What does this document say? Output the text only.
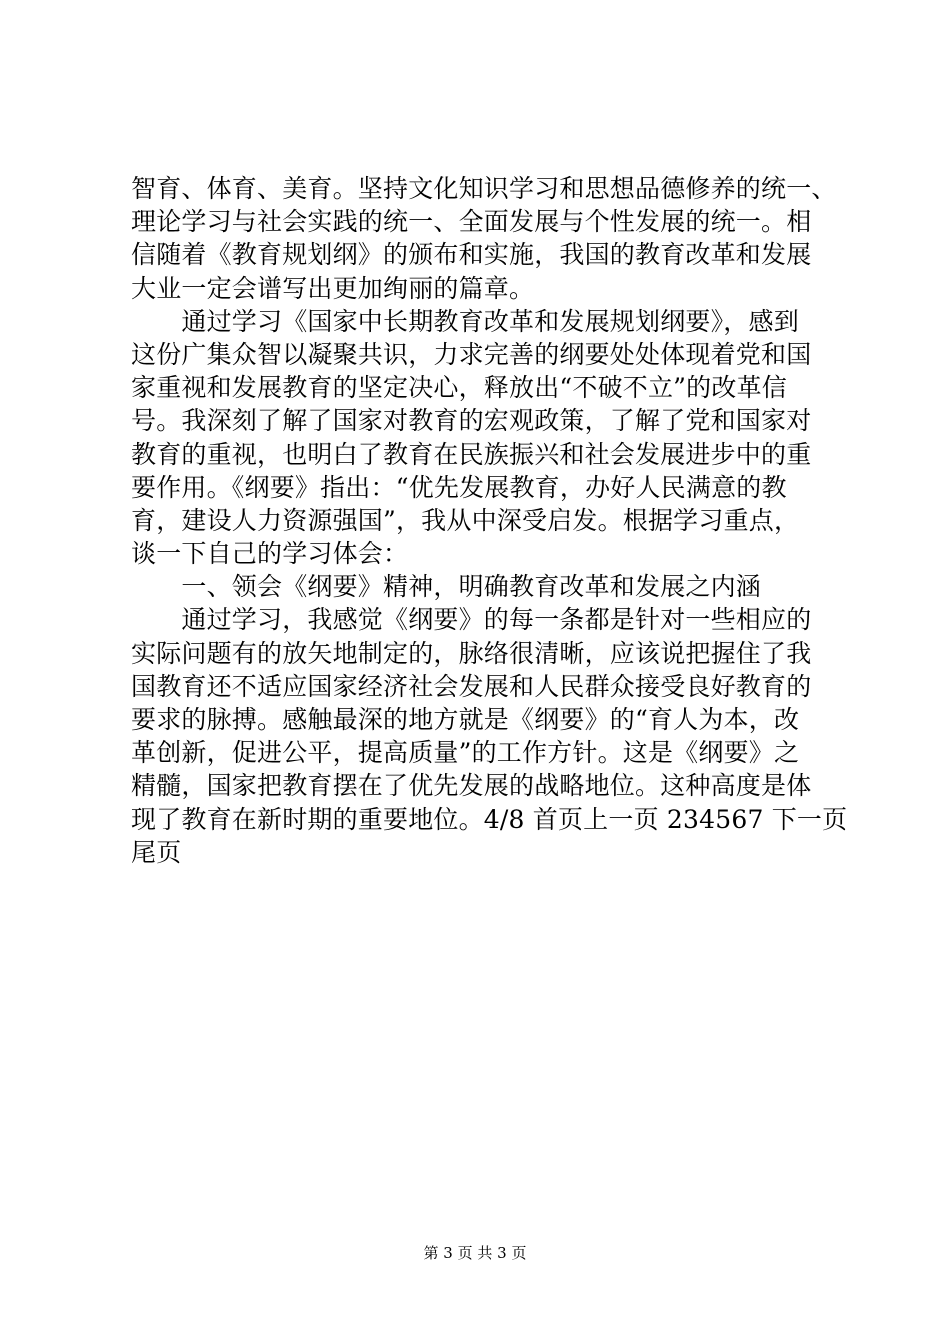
智育、体育、美育。坚持文化知识学习和思想品德修养的统一、
理论学习与社会实践的统一、全面发展与个性发展的统一。相
信随着《教育规划纲》的颁布和实施，我国的教育改革和发展
大业一定会谱写出更加绚丽的篇章。
　　通过学习《国家中长期教育改革和发展规划纲要》，感到
这份广集众智以凝聚共识，力求完善的纲要处处体现着党和国
家重视和发展教育的坚定决心，释放出“不破不立”的改革信
号。我深刻了解了国家对教育的宏观政策，了解了党和国家对
教育的重视，也明白了教育在民族振兴和社会发展进步中的重
要作用。《纲要》指出：“优先发展教育，办好人民满意的教
育，建设人力资源强国”，我从中深受启发。根据学习重点，
谈一下自己的学习体会：
　　一、领会《纲要》精神，明确教育改革和发展之内涵
　　通过学习，我感觉《纲要》的每一条都是针对一些相应的
实际问题有的放矢地制定的，脉络很清晰，应该说把握住了我
国教育还不适应国家经济社会发展和人民群众接受良好教育的
要求的脉搏。感触最深的地方就是《纲要》的“育人为本，改
革创新，促进公平，提高质量”的工作方针。这是《纲要》之
精髓，国家把教育摆在了优先发展的战略地位。这种高度是体
现了教育在新时期的重要地位。4/8 首页上一页 234567 下一页
尾页
第 3 页 共 3 页
